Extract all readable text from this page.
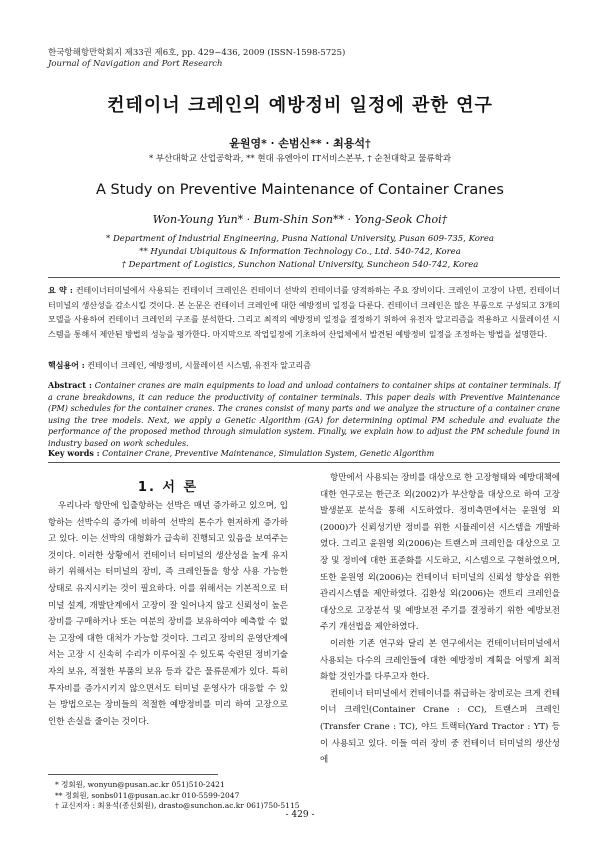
한국항해항만학회지 제33권 제6호, pp. 429~436, 2009 (ISSN-1598-5725)
Journal of Navigation and Port Research
컨테이너 크레인의 예방정비 일정에 관한 연구
윤원영* · 손범신** · 최용석†
* 부산대학교 산업공학과, ** 현대 유엔아이 IT서비스본부, † 순천대학교 물류학과
A Study on Preventive Maintenance of Container Cranes
Won-Young Yun* · Bum-Shin Son** · Yong-Seok Choi†
* Department of Industrial Engineering, Pusna National University, Pusan 609-735, Korea
** Hyundai Ubiquitous & Information Technology Co., Ltd. 540-742, Korea
† Department of Logistics, Sunchon National University, Suncheon 540-742, Korea
요 약 : 컨테이너터미널에서 사용되는 컨테이너 크레인은 컨테이너 선박의 컨테이너를 양적하하는 주요 장비이다. 크레인이 고장이 나면, 컨테이너터미널의 생산성을 감소시킬 것이다. 본 논문은 컨테이너 크레인에 대한 예방정비 일정을 다룬다. 컨테이너 크레인은 많은 부품으로 구성되고 3개의 모델을 사용하여 컨테이너 크레인의 구조를 분석한다. 그리고 최적의 예방정비 일정을 결정하기 위하여 유전자 알고리즘을 적용하고 시뮬레이션 시스템을 통해서 제안된 방법의 성능을 평가한다. 마지막으로 작업일정에 기초하여 산업체에서 발견된 예방정비 일정을 조정하는 방법을 설명한다.
핵심용어 : 컨테이너 크레인, 예방정비, 시뮬레이션 시스템, 유전자 알고리즘
Abstract : Container cranes are main equipments to load and unload containers to container ships at container terminals. If a crane breakdowns, it can reduce the productivity of container terminals. This paper deals with Preventive Maintenance (PM) schedules for the container cranes. The cranes consist of many parts and we analyze the structure of a container crane using the tree models. Next, we apply a Genetic Algorithm (GA) for determining optimal PM schedule and evaluate the performance of the proposed method through simulation system. Finally, we explain how to adjust the PM schedule found in industry based on work schedules.
Key words : Container Crane, Preventive Maintenance, Simulation System, Genetic Algorithm
1. 서 론
우리나라 항만에 입출항하는 선박은 매년 증가하고 있으며, 입항하는 선박수의 증가에 비하여 선박의 톤수가 현저하게 증가하고 있다. 이는 선박의 대형화가 급속히 진행되고 있음을 보여주는 것이다. 이러한 상황에서 컨테이너 터미널의 생산성을 높게 유지하기 위해서는 터미널의 장비, 즉 크레인들을 항상 사용 가능한 상태로 유지시키는 것이 필요하다. 이를 위해서는 기본적으로 터미널 설계, 개발단계에서 고장이 잘 일어나지 않고 신뢰성이 높은 장비를 구매하거나 또는 여분의 장비를 보유하여야 예측할 수 없는 고장에 대한 대처가 가능할 것이다. 그리고 장비의 운영단계에서는 고장 시 신속히 수리가 이루어질 수 있도록 숙련된 정비기술자의 보유, 적절한 부품의 보유 등과 같은 물류문제가 있다. 특히 투자비를 증가시키지 않으면서도 터미널 운영사가 대응할 수 있는 방법으로는 장비들의 적절한 예방정비를 미리 하여 고장으로 인한 손실을 줄이는 것이다.

항만에서 사용되는 장비를 대상으로 한 고장형태와 예방대책에 대한 연구로는 한근조 외(2002)가 부산항을 대상으로 하여 고장발생분포 분석을 통해 시도하였다. 정비측면에서는 윤원영 외(2000)가 신뢰성기반 정비를 위한 시뮬레이션 시스템을 개발하였다. 그리고 윤원영 외(2006)는 트랜스퍼 크레인을 대상으로 고장 및 정비에 대한 표준화를 시도하고, 시스템으로 구현하였으며, 또한 윤원영 외(2006)는 컨테이너 터미널의 신뢰성 향상을 위한 관리시스템을 제안하였다. 김환성 외(2006)는 갠트리 크레인을 대상으로 고장분석 및 예방보전 주기를 결정하기 위한 예방보전주기 개선법을 제안하였다.

이러한 기존 연구와 달리 본 연구에서는 컨테이너터미널에서 사용되는 다수의 크레인들에 대한 예방정비 계획을 어떻게 최적화할 것인가를 다루고자 한다.

컨테이너 터미널에서 컨테이너를 취급하는 장비로는 크게 컨테이너 크레인(Container Crane : CC), 트랜스퍼 크레인(Transfer Crane : TC), 야드 트랙터(Yard Tractor : YT) 등이 사용되고 있다. 이들 여러 장비 중 컨테이너 터미널의 생산성에

* 정회원, wonyun@pusan.ac.kr 051)510-2421
** 정회원, sonbs011@pusan.ac.kr 010-5599-2047
† 교신저자 : 최용석(종신회원), drasto@sunchon.ac.kr 061)750-5115
- 429 -
